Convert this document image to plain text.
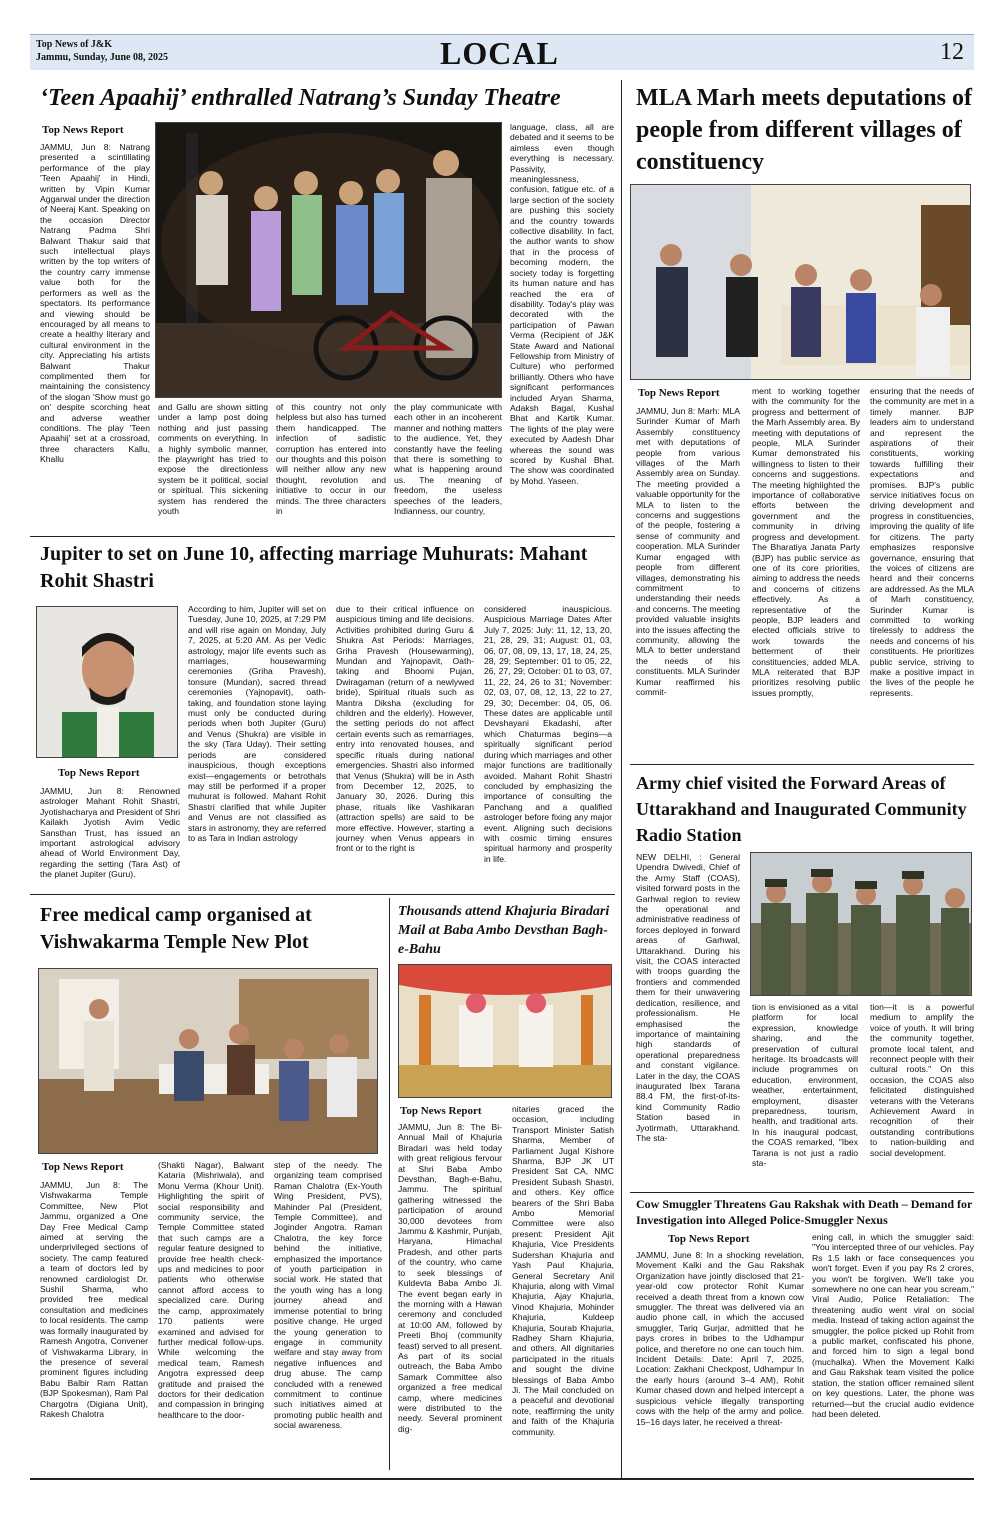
Top News of J&K
Jammu, Sunday, June 08, 2025	LOCAL	12
‘Teen Apaahij’ enthralled Natrang’s Sunday Theatre
Top News Report
JAMMU, Jun 8: Natrang presented a scintillating performance of the play 'Teen Apaahij' in Hindi, written by Vipin Kumar Aggarwal under the direction of Neeraj Kant. Speaking on the occasion Director Natrang Padma Shri Balwant Thakur said that such intellectual plays written by the top writers of the country carry immense value both for the performers as well as the spectators. Its performance and viewing should be encouraged by all means to create a healthy literary and cultural environment in the city. Appreciating his artists Balwant Thakur complimented them for maintaining the consistency of the slogan 'Show must go on' despite scorching heat and adverse weather conditions. The play 'Teen Apaahij' set at a crossroad, three characters Kallu, Khallu
and Gallu are shown sitting under a lamp post doing nothing and just passing comments on everything. In a highly symbolic manner, the playwright has tried to expose the directionless system be it political, social or spiritual. This sickening system has rendered the youth
of this country not only helpless but also has turned them handicapped. The infection of sadistic corruption has entered into our thoughts and this poison will neither allow any new thought, revolution and initiative to occur in our minds. The three characters in
the play communicate with each other in an incoherent manner and nothing matters to the audience. Yet, they constantly have the feeling that there is something to what is happening around us. The meaning of freedom, the useless speeches of the leaders, Indianness, our country,
language, class, all are debated and it seems to be aimless even though everything is necessary. Passivity, meaninglessness, confusion, fatigue etc. of a large section of the society are pushing this society and the country towards collective disability. In fact, the author wants to show that in the process of becoming modern, the society today is forgetting its human nature and has reached the era of disability. Today's play was decorated with the participation of Pawan Verma (Recipient of J&K State Award and National Fellowship from Ministry of Culture) who performed brilliantly. Others who have significant performances included Aryan Sharma, Adaksh Bagal, Kushal Bhat and Kartik Kumar. The lights of the play were executed by Aadesh Dhar whereas the sound was scored by Kushal Bhat. The show was coordinated by Mohd. Yaseen.
Jupiter to set on June 10, affecting marriage Muhurats: Mahant Rohit Shastri
Top News Report
JAMMU, Jun 8: Renowned astrologer Mahant Rohit Shastri, Jyotishacharya and President of Shri Kailakh Jyotish Avim Vedic Sansthan Trust, has issued an important astrological advisory ahead of World Environment Day, regarding the setting (Tara Ast) of the planet Jupiter (Guru).
According to him, Jupiter will set on Tuesday, June 10, 2025, at 7:29 PM and will rise again on Monday, July 7, 2025, at 5:20 AM. As per Vedic astrology, major life events such as marriages, housewarming ceremonies (Griha Pravesh), tonsure (Mundan), sacred thread ceremonies (Yajnopavit), oath-taking, and foundation stone laying must only be conducted during periods when both Jupiter (Guru) and Venus (Shukra) are visible in the sky (Tara Uday). Their setting periods are considered inauspicious, though exceptions exist—engagements or betrothals may still be performed if a proper muhurat is followed. Mahant Rohit Shastri clarified that while Jupiter and Venus are not classified as stars in astronomy, they are referred to as Tara in Indian astrology
due to their critical influence on auspicious timing and life decisions. Activities prohibited during Guru & Shukra Ast Periods: Marriages, Griha Pravesh (Housewarming), Mundan and Yajnopavit, Oath-taking and Bhoomi Pujan, Dwiragaman (return of a newlywed bride), Spiritual rituals such as Mantra Diksha (excluding for children and the elderly). However, the setting periods do not affect certain events such as remarriages, entry into renovated houses, and specific rituals during national emergencies. Shastri also informed that Venus (Shukra) will be in Asth from December 12, 2025, to January 30, 2026. During this phase, rituals like Vashikaran (attraction spells) are said to be more effective. However, starting a journey when Venus appears in front or to the right is
considered inauspicious. Auspicious Marriage Dates After July 7, 2025: July: 11, 12, 13, 20, 21, 28, 29, 31; August: 01, 03, 06, 07, 08, 09, 13, 17, 18, 24, 25, 28, 29; September: 01 to 05, 22, 26, 27, 29; October: 01 to 03, 07, 11, 22, 24, 26 to 31; November: 02, 03, 07, 08, 12, 13, 22 to 27, 29, 30; December: 04, 05, 06. These dates are applicable until Devshayani Ekadashi, after which Chaturmas begins—a spiritually significant period during which marriages and other major functions are traditionally avoided. Mahant Rohit Shastri concluded by emphasizing the importance of consulting the Panchang and a qualified astrologer before fixing any major event. Aligning such decisions with cosmic timing ensures spiritual harmony and prosperity in life.
Free medical camp organised at Vishwakarma Temple New Plot
Top News Report
JAMMU, Jun 8: The Vishwakarma Temple Committee, New Plot Jammu, organized a One Day Free Medical Camp aimed at serving the underprivileged sections of society. The camp featured a team of doctors led by renowned cardiologist Dr. Sushil Sharma, who provided free medical consultation and medicines to local residents. The camp was formally inaugurated by Ramesh Angotra, Convener of Vishwakarma Library, in the presence of several prominent figures including Babu Balbir Ram Rattan (BJP Spokesman), Ram Pal Chargotra (Digiana Unit), Rakesh Chalotra
(Shakti Nagar), Balwant Kataria (Mishriwala), and Monu Verma (Khour Unit). Highlighting the spirit of social responsibility and community service, the Temple Committee stated that such camps are a regular feature designed to provide free health check-ups and medicines to poor patients who otherwise cannot afford access to specialized care. During the camp, approximately 170 patients were examined and advised for further medical follow-ups. While welcoming the medical team, Ramesh Angotra expressed deep gratitude and praised the doctors for their dedication and compassion in bringing healthcare to the door-
step of the needy. The organizing team comprised Raman Chalotra (Ex-Youth Wing President, PVS), Mahinder Pal (President, Temple Committee), and Joginder Angotra. Raman Chalotra, the key force behind the initiative, emphasized the importance of youth participation in social work. He stated that the youth wing has a long journey ahead and immense potential to bring positive change. He urged the young generation to engage in community welfare and stay away from negative influences and drug abuse. The camp concluded with a renewed commitment to continue such initiatives aimed at promoting public health and social awareness.
Thousands attend Khajuria Biradari Mail at Baba Ambo Devsthan Bagh-e-Bahu
Top News Report
JAMMU, Jun 8: The Bi-Annual Mail of Khajuria Biradari was held today with great religious fervour at Shri Baba Ambo Devsthan, Bagh-e-Bahu, Jammu. The spiritual gathering witnessed the participation of around 30,000 devotees from Jammu & Kashmir, Punjab, Haryana, Himachal Pradesh, and other parts of the country, who came to seek blessings of Kuldevta Baba Ambo Ji. The event began early in the morning with a Hawan ceremony and concluded at 10:00 AM, followed by Preeti Bhoj (community feast) served to all present. As part of its social outreach, the Baba Ambo Samark Committee also organized a free medical camp, where medicines were distributed to the needy. Several prominent dig-
nitaries graced the occasion, including Transport Minister Satish Sharma, Member of Parliament Jugal Kishore Sharma, BJP JK UT President Sat CA, NMC President Subash Shastri, and others. Key office bearers of the Shri Baba Ambo Memorial Committee were also present: President Ajit Khajuria, Vice Presidents Sudershan Khajuria and Yash Paul Khajuria, General Secretary Anil Khajuria, along with Vimal Khajuria, Ajay Khajuria, Vinod Khajuria, Mohinder Khajuria, Kuldeep Khajuria, Sourab Khajuria, Radhey Sham Khajuria, and others. All dignitaries participated in the rituals and sought the divine blessings of Baba Ambo Ji. The Mail concluded on a peaceful and devotional note, reaffirming the unity and faith of the Khajuria community.
MLA Marh meets deputations of people from different villages of constituency
Top News Report
JAMMU, Jun 8: Marh: MLA Surinder Kumar of Marh Assembly constituency met with deputations of people from various villages of the Marh Assembly area on Sunday. The meeting provided a valuable opportunity for the MLA to listen to the concerns and suggestions of the people, fostering a sense of community and cooperation. MLA Surinder Kumar engaged with people from different villages, demonstrating his commitment to understanding their needs and concerns. The meeting provided valuable insights into the issues affecting the community, allowing the MLA to better understand the needs of his constituents. MLA Surinder Kumar reaffirmed his commit-
ment to working together with the community for the progress and betterment of the Marh Assembly area. By meeting with deputations of people, MLA Surinder Kumar demonstrated his willingness to listen to their concerns and suggestions. The meeting highlighted the importance of collaborative efforts between the government and the community in driving progress and development. The Bharatiya Janata Party (BJP) has public service as one of its core priorities, aiming to address the needs and concerns of citizens effectively. As a representative of the people, BJP leaders and elected officials strive to work towards the betterment of their constituencies, added MLA. MLA reiterated that BJP prioritizes resolving public issues promptly,
ensuring that the needs of the community are met in a timely manner. BJP leaders aim to understand and represent the aspirations of their constituents, working towards fulfilling their expectations and promises. BJP's public service initiatives focus on driving development and progress in constituencies, improving the quality of life for citizens. The party emphasizes responsive governance, ensuring that the voices of citizens are heard and their concerns are addressed. As the MLA of Marh constituency, Surinder Kumar is committed to working tirelessly to address the needs and concerns of his constituents. He prioritizes public service, striving to make a positive impact in the lives of the people he represents.
Army chief visited the Forward Areas of Uttarakhand and Inaugurated Community Radio Station
NEW DELHI, : General Upendra Dwivedi, Chief of the Army Staff (COAS), visited forward posts in the Garhwal region to review the operational and administrative readiness of forces deployed in forward areas of Garhwal, Uttarakhand. During his visit, the COAS interacted with troops guarding the frontiers and commended them for their unwavering dedication, resilience, and professionalism. He emphasised the importance of maintaining high standards of operational preparedness and constant vigilance. Later in the day, the COAS inaugurated Ibex Tarana 88.4 FM, the first-of-its-kind Community Radio Station based in Jyotirmath, Uttarakhand. The sta-
tion is envisioned as a vital platform for local expression, knowledge sharing, and the preservation of cultural heritage. Its broadcasts will include programmes on education, environment, weather, entertainment, employment, disaster preparedness, tourism, health, and traditional arts. In his inaugural podcast, the COAS remarked, "Ibex Tarana is not just a radio sta-
tion—it is a powerful medium to amplify the voice of youth. It will bring the community together, promote local talent, and reconnect people with their cultural roots." On this occasion, the COAS also felicitated distinguished veterans with the Veterans Achievement Award in recognition of their outstanding contributions to nation-building and social development.
Cow Smuggler Threatens Gau Rakshak with Death – Demand for Investigation into Alleged Police-Smuggler Nexus
Top News Report
JAMMU, June 8: In a shocking revelation, Movement Kalki and the Gau Rakshak Organization have jointly disclosed that 21-year-old cow protector Rohit Kumar received a death threat from a known cow smuggler. The threat was delivered via an audio phone call, in which the accused smuggler, Tariq Gurjar, admitted that he pays crores in bribes to the Udhampur police, and therefore no one can touch him. Incident Details: Date: April 7, 2025, Location: Zakhani Checkpost, Udhampur In the early hours (around 3–4 AM), Rohit Kumar chased down and helped intercept a suspicious vehicle illegally transporting cows with the help of the army and police. 15–16 days later, he received a threat-
ening call, in which the smuggler said: "You intercepted three of our vehicles. Pay Rs 1.5 lakh or face consequences you won't forget. Even if you pay Rs 2 crores, you won't be forgiven. We'll take you somewhere no one can hear you scream." Viral Audio, Police Retaliation: The threatening audio went viral on social media. Instead of taking action against the smuggler, the police picked up Rohit from a public market, confiscated his phone, and forced him to sign a legal bond (muchalka). When the Movement Kalki and Gau Rakshak team visited the police station, the station officer remained silent on key questions. Later, the phone was returned—but the crucial audio evidence had been deleted.
